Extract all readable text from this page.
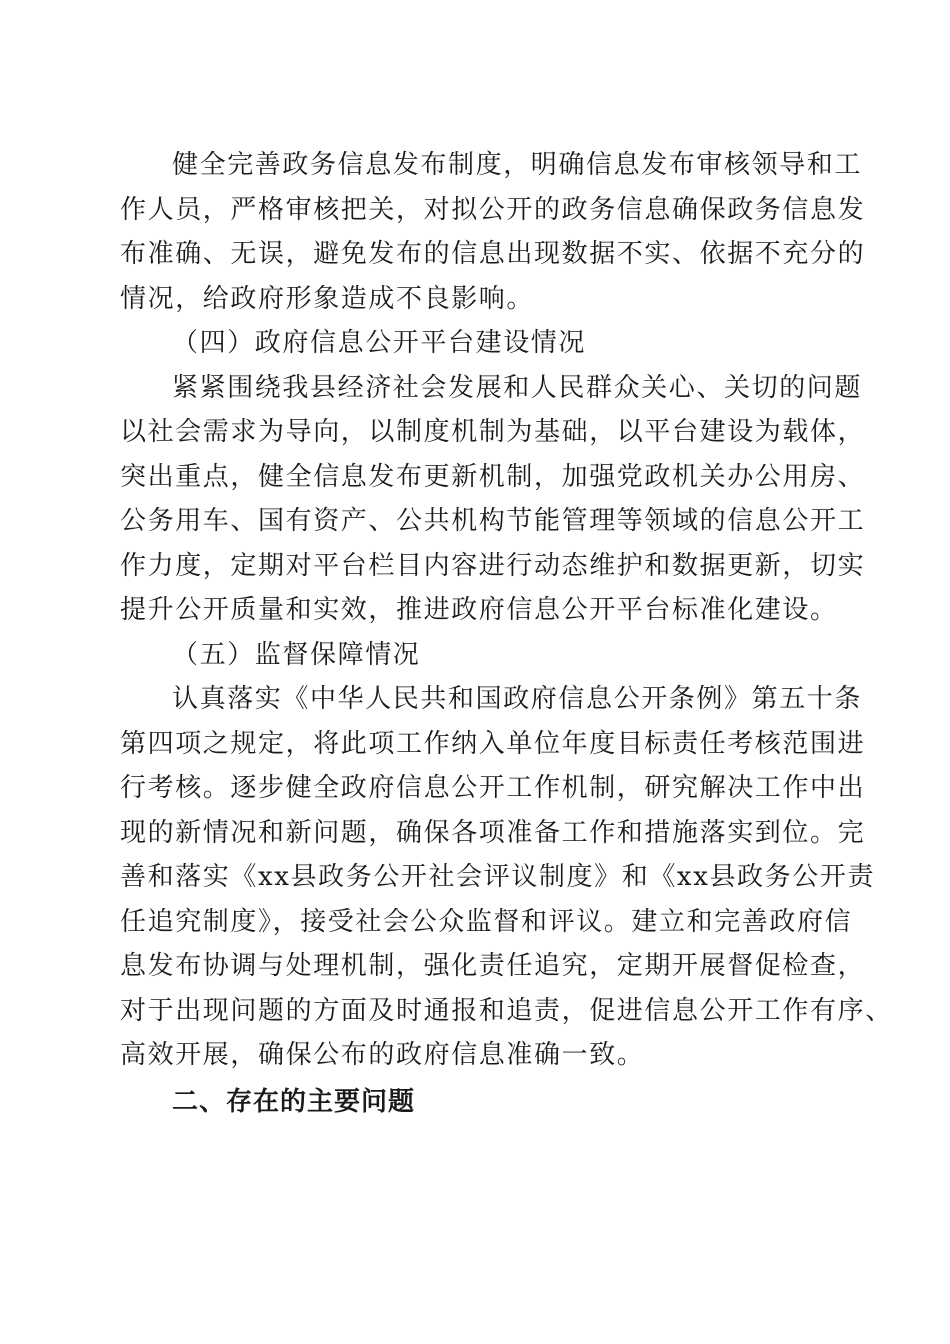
健全完善政务信息发布制度，明确信息发布审核领导和工

作人员，严格审核把关，对拟公开的政务信息确保政务信息发

布准确、无误，避免发布的信息出现数据不实、依据不充分的

情况，给政府形象造成不良影响。

（四）政府信息公开平台建设情况

紧紧围绕我县经济社会发展和人民群众关心、关切的问题

以社会需求为导向，以制度机制为基础，以平台建设为载体，

突出重点，健全信息发布更新机制，加强党政机关办公用房、

公务用车、国有资产、公共机构节能管理等领域的信息公开工

作力度，定期对平台栏目内容进行动态维护和数据更新，切实

提升公开质量和实效，推进政府信息公开平台标准化建设。

（五）监督保障情况

认真落实《中华人民共和国政府信息公开条例》第五十条

第四项之规定，将此项工作纳入单位年度目标责任考核范围进

行考核。逐步健全政府信息公开工作机制，研究解决工作中出

现的新情况和新问题，确保各项准备工作和措施落实到位。完

善和落实《xx县政务公开社会评议制度》和《xx县政务公开责

任追究制度》，接受社会公众监督和评议。建立和完善政府信

息发布协调与处理机制，强化责任追究，定期开展督促检查，

对于出现问题的方面及时通报和追责，促进信息公开工作有序、

高效开展，确保公布的政府信息准确一致。

二、存在的主要问题
